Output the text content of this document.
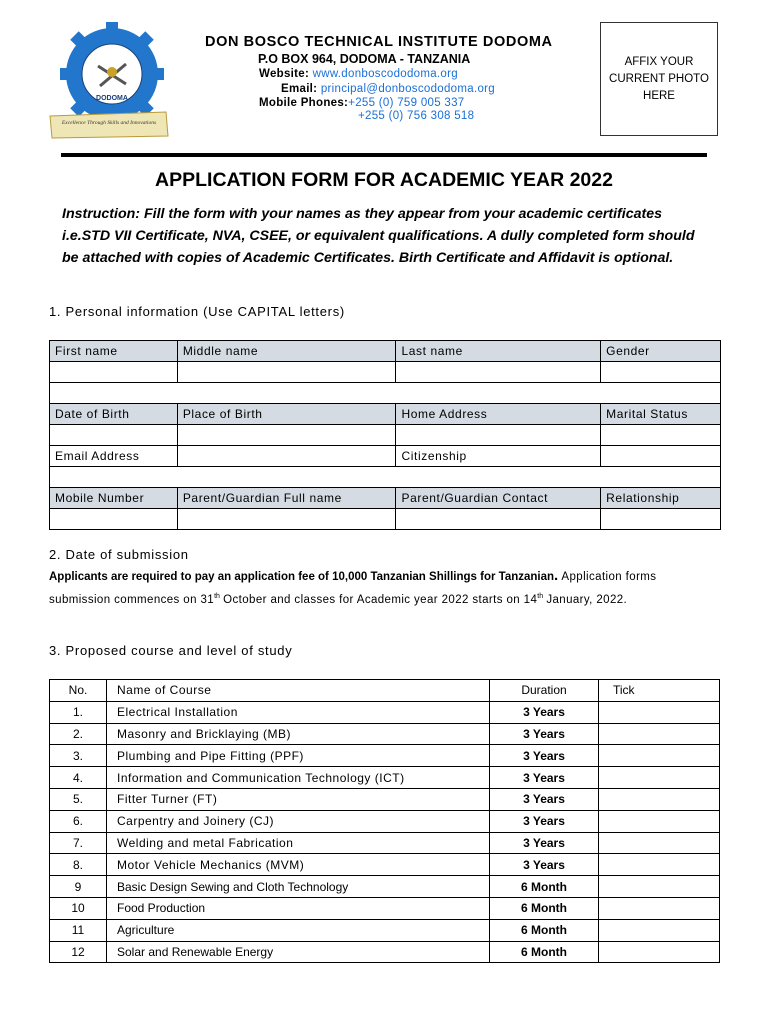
DODOMA
Excellence Through Skills and Innovations
DON BOSCO TECHNICAL INSTITUTE DODOMA
P.O BOX 964, DODOMA - TANZANIA
Website: www.donboscododoma.org
Email: principal@donboscododoma.org
Mobile Phones:+255 (0) 759 005 337
+255 (0) 756 308 518
AFFIX YOUR
CURRENT PHOTO
HERE
APPLICATION FORM FOR ACADEMIC YEAR 2022
Instruction: Fill the form with your names as they appear from your academic certificates i.e.STD VII Certificate, NVA, CSEE, or equivalent qualifications. A dully completed form should be attached with copies of Academic Certificates. Birth Certificate and Affidavit is optional.
1. Personal information (Use CAPITAL letters)
First name	Middle name	Last name	Gender

Date of Birth	Place of Birth	Home Address	Marital Status

Email Address		Citizenship	

Mobile Number	Parent/Guardian Full name	Parent/Guardian Contact	Relationship

2. Date of submission
Applicants are required to pay an application fee of 10,000 Tanzanian Shillings for Tanzanian. Application forms submission commences on 31th October and classes for Academic year 2022 starts on 14th January, 2022.
3. Proposed course and level of study
No.	Name of Course	Duration	Tick
1.	Electrical Installation	3 Years	
2.	Masonry and Bricklaying (MB)	3 Years	
3.	Plumbing and Pipe Fitting (PPF)	3 Years	
4.	Information and Communication Technology (ICT)	3 Years	
5.	Fitter Turner (FT)	3 Years	
6.	Carpentry and Joinery (CJ)	3 Years	
7.	Welding and metal Fabrication	3 Years	
8.	Motor Vehicle Mechanics (MVM)	3 Years	
9	Basic Design Sewing and Cloth Technology	6 Month	
10	Food Production	6 Month	
11	Agriculture	6 Month	
12	Solar and Renewable Energy	6 Month	
